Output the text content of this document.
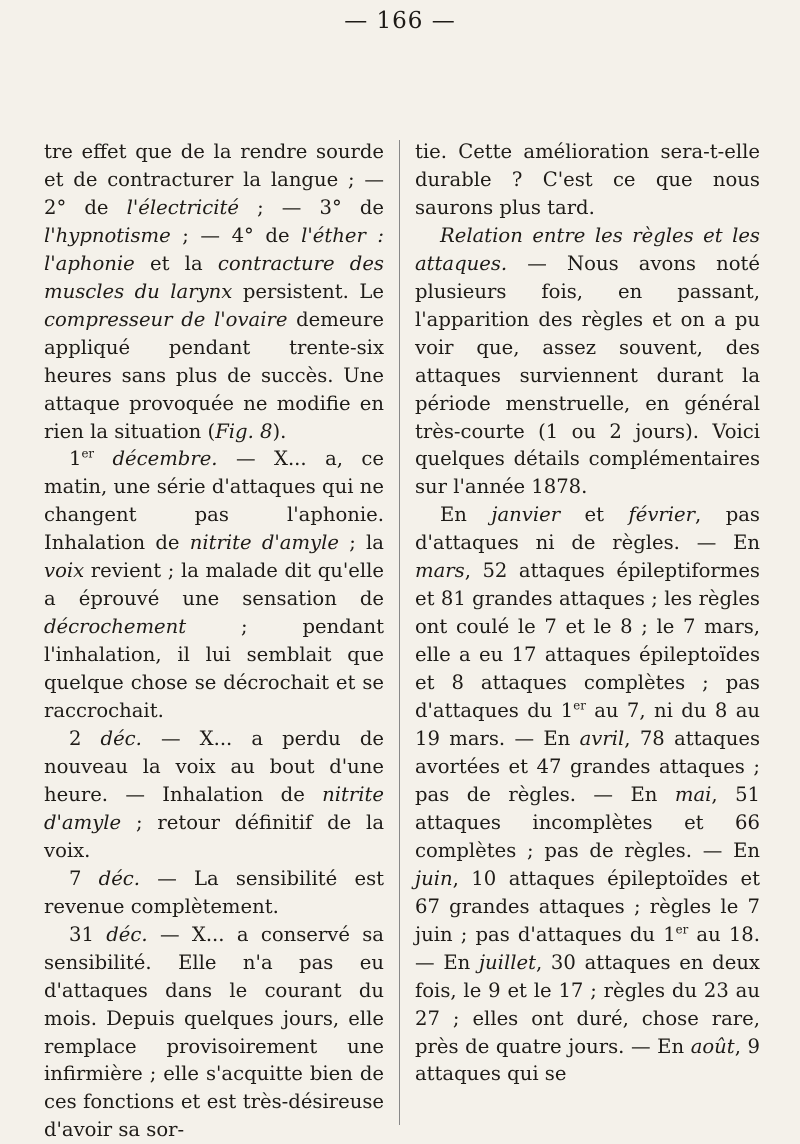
— 166 —

tre effet que de la rendre sourde et de contracturer la langue ; — 2° de l'électricité ; — 3° de l'hypnotisme ; — 4° de l'éther : l'aphonie et la contracture des muscles du larynx persistent. Le compresseur de l'ovaire demeure appliqué pendant trente-six heures sans plus de succès. Une attaque provoquée ne modifie en rien la situation (Fig. 8).

1er décembre. — X... a, ce matin, une série d'attaques qui ne changent pas l'aphonie. Inhalation de nitrite d'amyle ; la voix revient ; la malade dit qu'elle a éprouvé une sensation de décrochement ; pendant l'inhalation, il lui semblait que quelque chose se décrochait et se raccrochait.

2 déc. — X... a perdu de nouveau la voix au bout d'une heure. — Inhalation de nitrite d'amyle ; retour définitif de la voix.

7 déc. — La sensibilité est revenue complètement.

31 déc. — X... a conservé sa sensibilité. Elle n'a pas eu d'attaques dans le courant du mois. Depuis quelques jours, elle remplace provisoirement une infirmière ; elle s'acquitte bien de ces fonctions et est très-désireuse d'avoir sa sor-

tie. Cette amélioration sera-t-elle durable ? C'est ce que nous saurons plus tard.

Relation entre les règles et les attaques. — Nous avons noté plusieurs fois, en passant, l'apparition des règles et on a pu voir que, assez souvent, des attaques surviennent durant la période menstruelle, en général très-courte (1 ou 2 jours). Voici quelques détails complémentaires sur l'année 1878.

En janvier et février, pas d'attaques ni de règles. — En mars, 52 attaques épileptiformes et 81 grandes attaques ; les règles ont coulé le 7 et le 8 ; le 7 mars, elle a eu 17 attaques épileptoïdes et 8 attaques complètes ; pas d'attaques du 1er au 7, ni du 8 au 19 mars. — En avril, 78 attaques avortées et 47 grandes attaques ; pas de règles. — En mai, 51 attaques incomplètes et 66 complètes ; pas de règles. — En juin, 10 attaques épileptoïdes et 67 grandes attaques ; règles le 7 juin ; pas d'attaques du 1er au 18. — En juillet, 30 attaques en deux fois, le 9 et le 17 ; règles du 23 au 27 ; elles ont duré, chose rare, près de quatre jours. — En août, 9 attaques qui se
